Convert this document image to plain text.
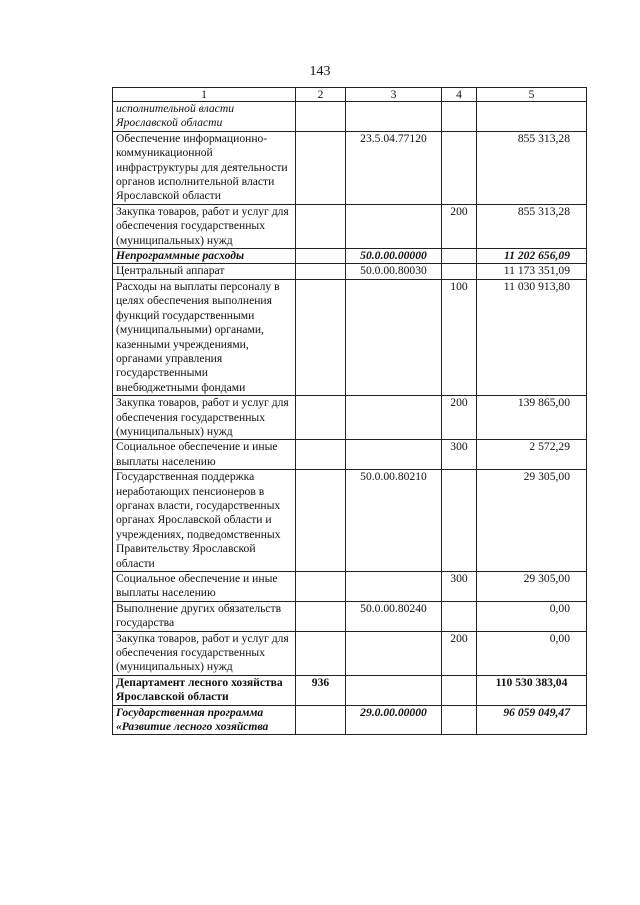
143
1	2	3	4	5
исполнительной власти Ярославской области				
Обеспечение информационно-коммуникационной инфраструктуры для деятельности органов исполнительной власти Ярославской области		23.5.04.77120		855 313,28
Закупка товаров, работ и услуг для обеспечения государственных (муниципальных) нужд			200	855 313,28
Непрограммные расходы		50.0.00.00000		11 202 656,09
Центральный аппарат		50.0.00.80030		11 173 351,09
Расходы на выплаты персоналу в целях обеспечения выполнения функций государственными (муниципальными) органами, казенными учреждениями, органами управления государственными внебюджетными фондами			100	11 030 913,80
Закупка товаров, работ и услуг для обеспечения государственных (муниципальных) нужд			200	139 865,00
Социальное обеспечение и иные выплаты населению			300	2 572,29
Государственная поддержка неработающих пенсионеров в органах власти, государственных органах Ярославской области и учреждениях, подведомственных Правительству Ярославской области		50.0.00.80210		29 305,00
Социальное обеспечение и иные выплаты населению			300	29 305,00
Выполнение других обязательств государства		50.0.00.80240		0,00
Закупка товаров, работ и услуг для обеспечения государственных (муниципальных) нужд			200	0,00
Департамент лесного хозяйства Ярославской области	936			110 530 383,04
Государственная программа «Развитие лесного хозяйства		29.0.00.00000		96 059 049,47
